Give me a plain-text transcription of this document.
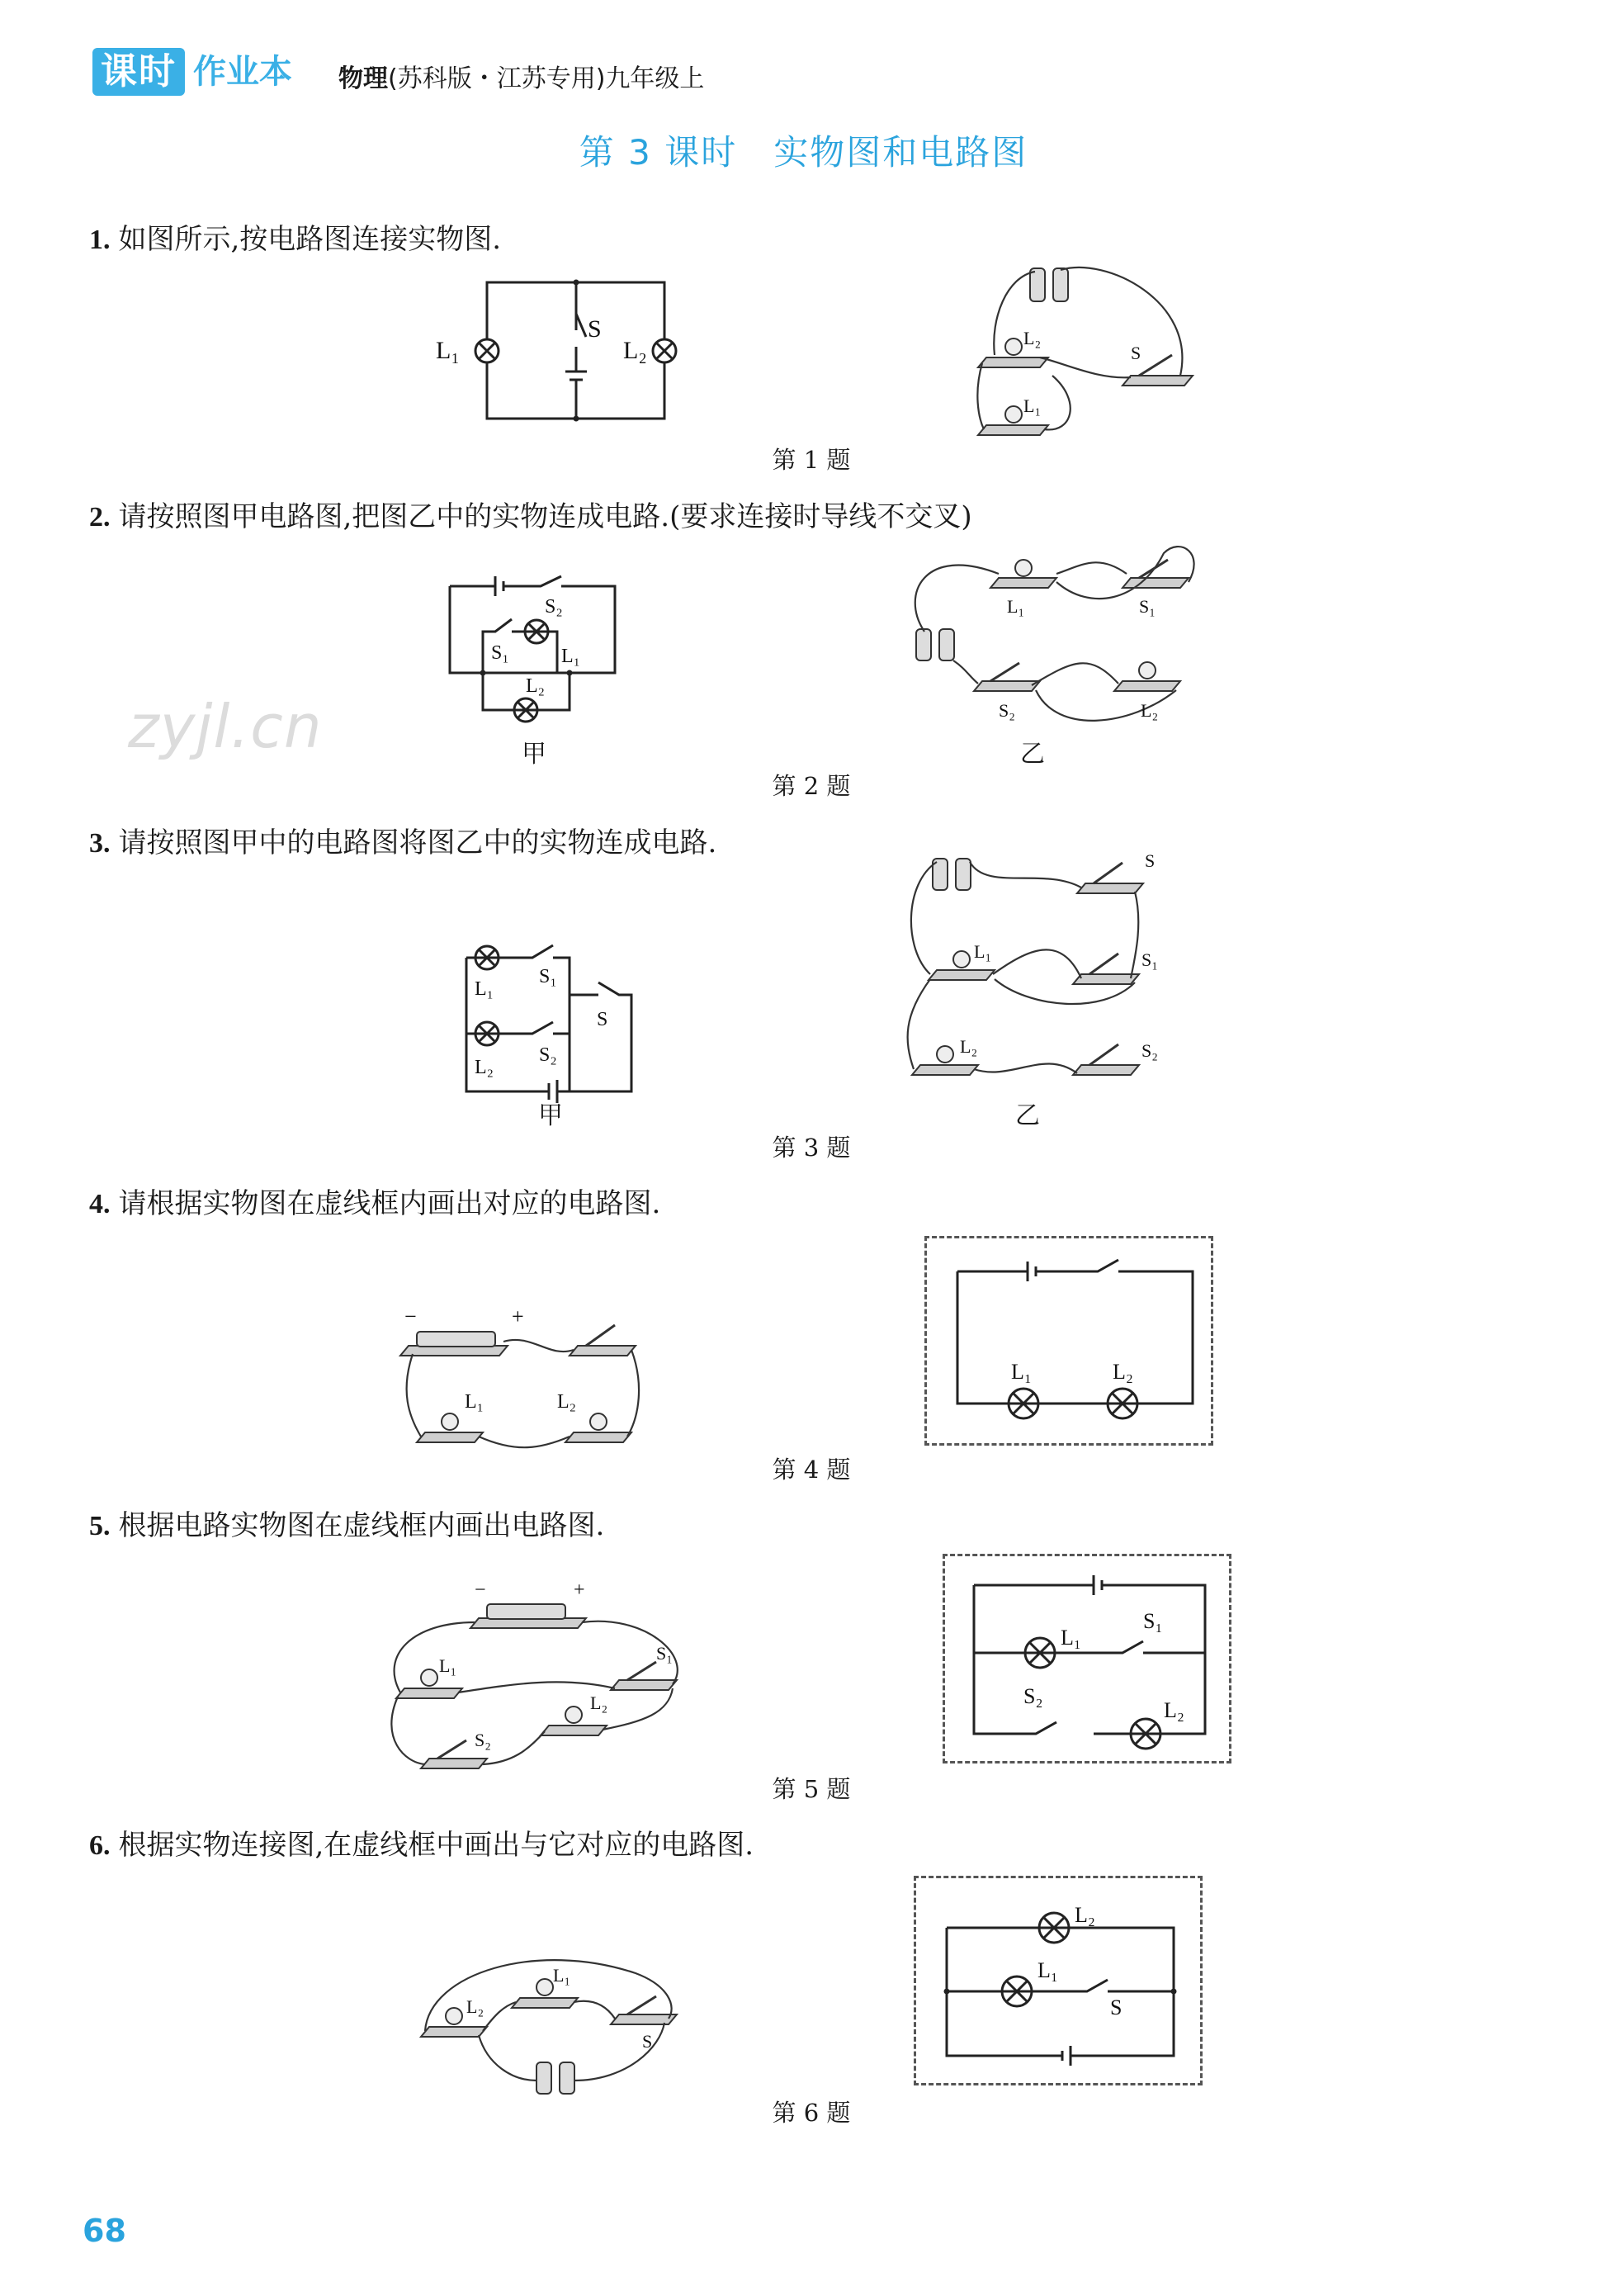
课时 作业本 物理(苏科版・江苏专用)九年级上
第 3 课时　实物图和电路图
zyjl.cn
1. 如图所示,按电路图连接实物图.
L₁
S
L₂	L₂
S
L₁
第 1 题
2. 请按照图甲电路图,把图乙中的实物连成电路.(要求连接时导线不交叉)
S₂
S₁	L₁
L₂
甲
L₁	S₁
S₂	L₂
乙
第 2 题
3. 请按照图甲中的电路图将图乙中的实物连成电路.
S₁
L₁
S
S₂
L₂
甲
S
L₁	S₁
L₂	S₂
乙
第 3 题
4. 请根据实物图在虚线框内画出对应的电路图.
−	+
L₁	L₂
L₁	L₂
第 4 题
5. 根据电路实物图在虚线框内画出电路图.
−	+
L₁
S₁
L₂
S₂
L₁
S₁
S₂
L₂
第 5 题
6. 根据实物连接图,在虚线框中画出与它对应的电路图.
L₂
L₁
S
L₂
L₁
S
第 6 题
68
